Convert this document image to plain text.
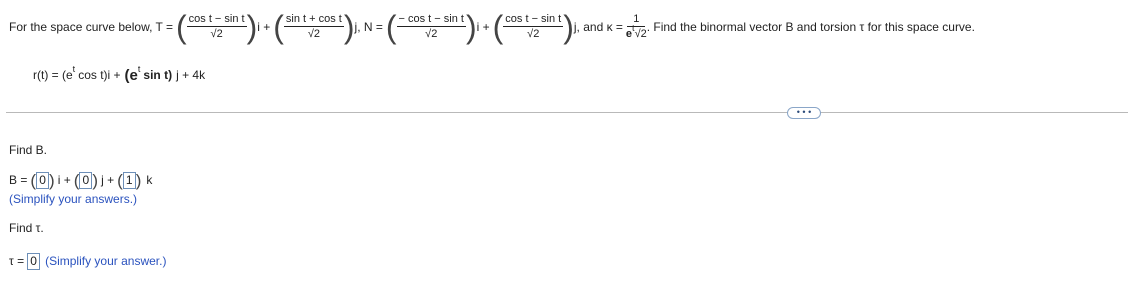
For the space curve below, T = ( $\frac{\text{cos t − sin t}}{√2}$ ) i + ( $\frac{\text{sin t + cos t}}{√2}$ ) j, N = ( $\frac{\text{− cos t − sin t}}{√2}$ ) i + ( $\frac{\text{cos t − sin t}}{√2}$ ) j, and $\kappa = \frac{1}{e^t√2}$ . Find the binormal vector B and torsion τ for this space curve.
r(t) = (e t cos t)i + (e t sin t) j + 4k
• • •
Find B.
B = ( 0 ) i + ( 0 ) j + ( 1 ) k
(Simplify your answers.)
Find τ.
τ = 0 (Simplify your answer.)
